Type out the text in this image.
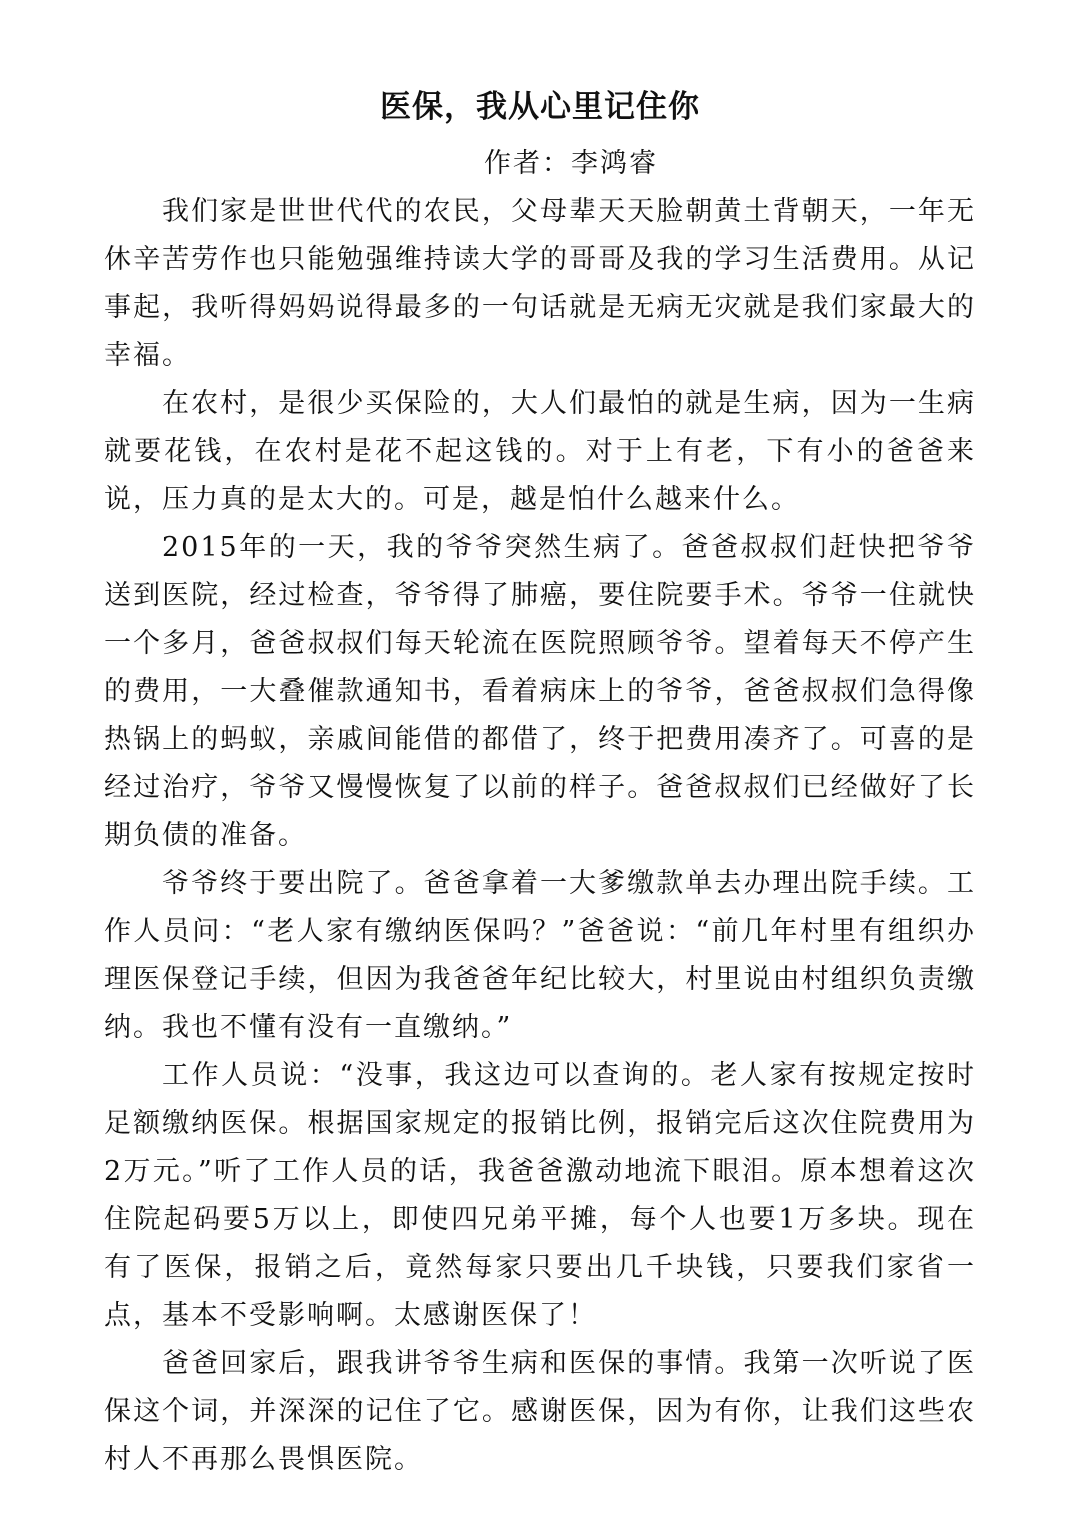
医保，我从心里记住你

作者：李鸿睿

我们家是世世代代的农民，父母辈天天脸朝黄土背朝天，一年无休辛苦劳作也只能勉强维持读大学的哥哥及我的学习生活费用。从记事起，我听得妈妈说得最多的一句话就是无病无灾就是我们家最大的幸福。

在农村，是很少买保险的，大人们最怕的就是生病，因为一生病就要花钱，在农村是花不起这钱的。对于上有老，下有小的爸爸来说，压力真的是太大的。可是，越是怕什么越来什么。

2015年的一天，我的爷爷突然生病了。爸爸叔叔们赶快把爷爷送到医院，经过检查，爷爷得了肺癌，要住院要手术。爷爷一住就快一个多月，爸爸叔叔们每天轮流在医院照顾爷爷。望着每天不停产生的费用，一大叠催款通知书，看着病床上的爷爷，爸爸叔叔们急得像热锅上的蚂蚁，亲戚间能借的都借了，终于把费用凑齐了。可喜的是经过治疗，爷爷又慢慢恢复了以前的样子。爸爸叔叔们已经做好了长期负债的准备。

爷爷终于要出院了。爸爸拿着一大爹缴款单去办理出院手续。工作人员问：“老人家有缴纳医保吗？”爸爸说：“前几年村里有组织办理医保登记手续，但因为我爸爸年纪比较大，村里说由村组织负责缴纳。我也不懂有没有一直缴纳。”

工作人员说：“没事，我这边可以查询的。老人家有按规定按时足额缴纳医保。根据国家规定的报销比例，报销完后这次住院费用为2万元。”听了工作人员的话，我爸爸激动地流下眼泪。原本想着这次住院起码要5万以上，即使四兄弟平摊，每个人也要1万多块。现在有了医保，报销之后，竟然每家只要出几千块钱，只要我们家省一点，基本不受影响啊。太感谢医保了！

爸爸回家后，跟我讲爷爷生病和医保的事情。我第一次听说了医保这个词，并深深的记住了它。感谢医保，因为有你，让我们这些农村人不再那么畏惧医院。
